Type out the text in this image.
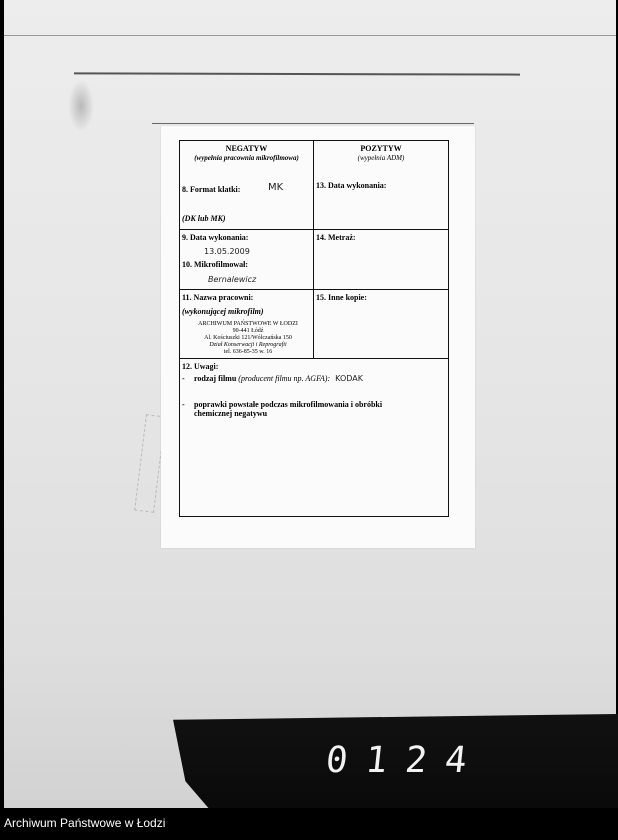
NEGATYW
(wypełnia pracownia mikrofilmowa)
POZYTYW
(wypełnia ADM)
8. Format klatki:	MK
(DK lub MK)
13. Data wykonania:
9. Data wykonania:
13.05.2009
10. Mikrofilmował:
Bernalewicz
14. Metraż:
11. Nazwa pracowni:
(wykonującej mikrofilm)
ARCHIWUM PAŃSTWOWE W ŁODZI
90-441 Łódź
Al. Kościuszki 121/Wólczańska 150
Dział Konserwacji i Reprografii
tel. 636-85-35 w. 16
15. Inne kopie:
12. Uwagi:
- rodzaj filmu (producent filmu np. AGFA): KODAK
- poprawki powstałe podczas mikrofilmowania i obróbki
chemicznej negatywu
0124
Archiwum Państwowe w Łodzi
